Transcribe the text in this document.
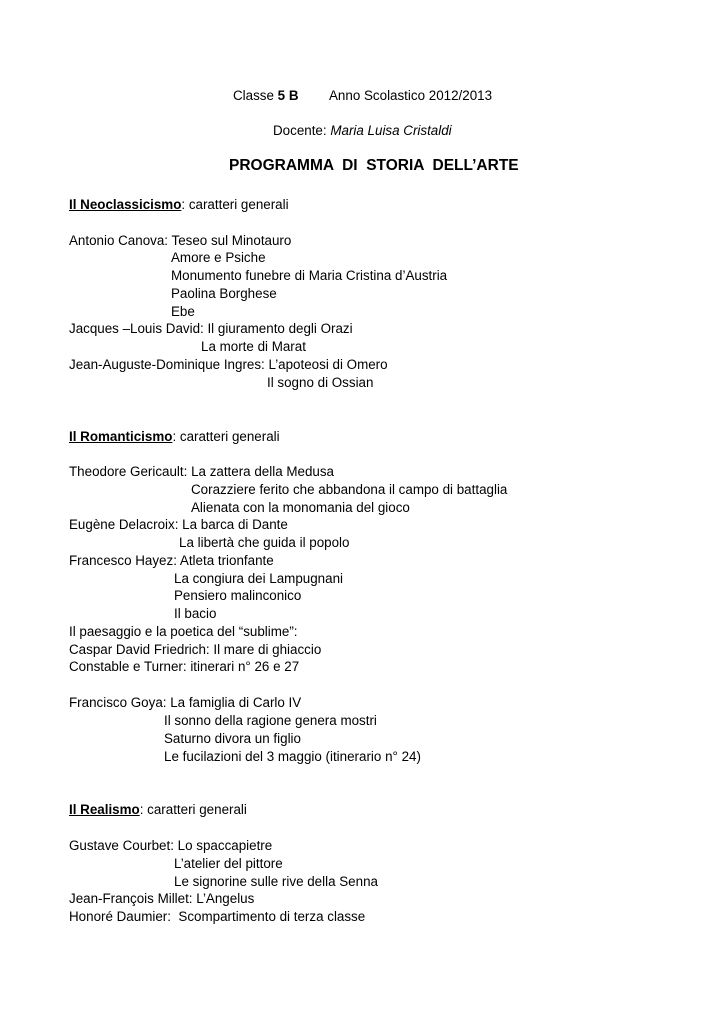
Classe 5 B Anno Scolastico 2012/2013
Docente: Maria Luisa Cristaldi
PROGRAMMA  DI  STORIA  DELL’ARTE
Il Neoclassicismo: caratteri generali
Antonio Canova: Teseo sul Minotauro
Amore e Psiche
Monumento funebre di Maria Cristina d’Austria
Paolina Borghese
Ebe
Jacques –Louis David: Il giuramento degli Orazi
La morte di Marat
Jean-Auguste-Dominique Ingres: L’apoteosi di Omero
Il sogno di Ossian
Il Romanticismo: caratteri generali
Theodore Gericault: La zattera della Medusa
Corazziere ferito che abbandona il campo di battaglia
Alienata con la monomania del gioco
Eugène Delacroix: La barca di Dante
La libertà che guida il popolo
Francesco Hayez: Atleta trionfante
La congiura dei Lampugnani
Pensiero malinconico
Il bacio
Il paesaggio e la poetica del “sublime”:
Caspar David Friedrich: Il mare di ghiaccio
Constable e Turner: itinerari n° 26 e 27
Francisco Goya: La famiglia di Carlo IV
Il sonno della ragione genera mostri
Saturno divora un figlio
Le fucilazioni del 3 maggio (itinerario n° 24)
Il Realismo: caratteri generali
Gustave Courbet: Lo spaccapietre
L’atelier del pittore
Le signorine sulle rive della Senna
Jean-François Millet: L’Angelus
Honoré Daumier:  Scompartimento di terza classe
